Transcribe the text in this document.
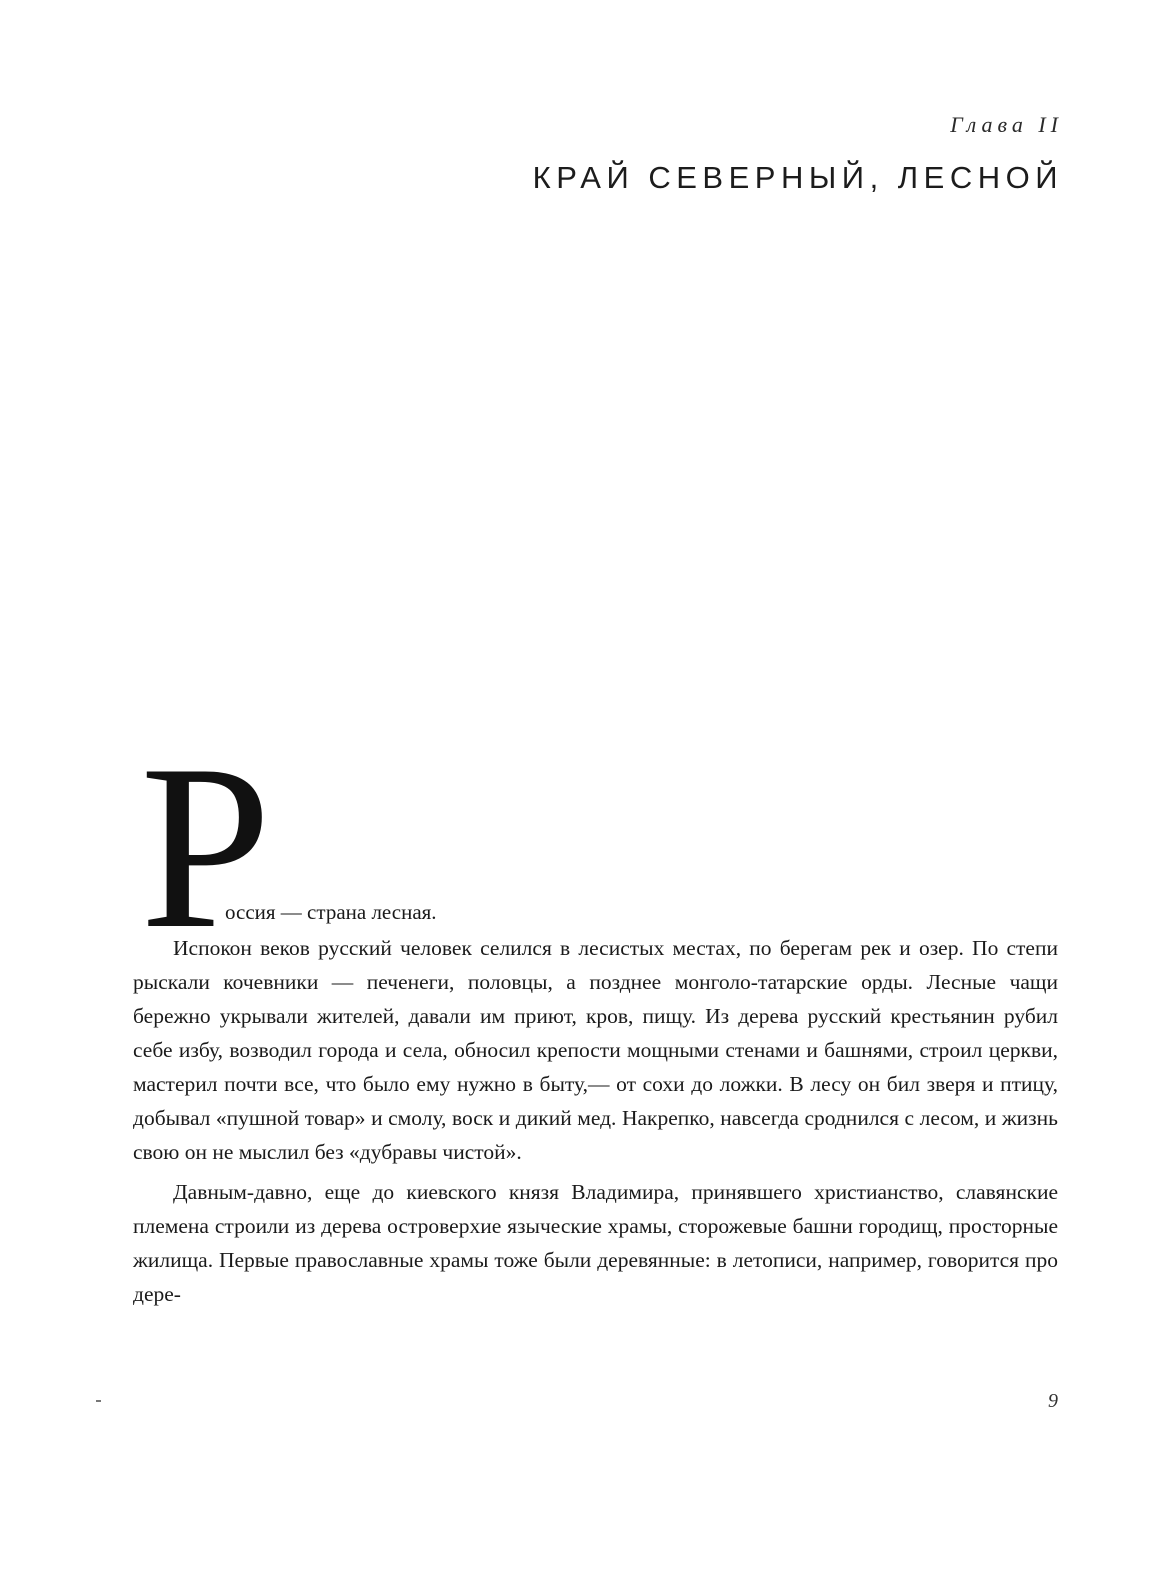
Глава II
КРАЙ СЕВЕРНЫЙ, ЛЕСНОЙ
Р
оссия — страна лесная.

Испокон веков русский человек селился в лесистых местах, по берегам рек и озер. По степи рыскали кочевники — печенеги, половцы, а позднее монголо-татарские орды. Лесные чащи бережно укрывали жителей, давали им приют, кров, пищу. Из дерева русский крестьянин рубил себе избу, возводил города и села, обносил крепости мощными стенами и башнями, строил церкви, мастерил почти все, что было ему нужно в быту,— от сохи до ложки. В лесу он бил зверя и птицу, добывал «пушной товар» и смолу, воск и дикий мед. Накрепко, навсегда сроднился с лесом, и жизнь свою он не мыслил без «дубравы чистой».

Давным-давно, еще до киевского князя Владимира, принявшего христианство, славянские племена строили из дерева островерхие языческие храмы, сторожевые башни городищ, просторные жилища. Первые православные храмы тоже были деревянные: в летописи, например, говорится про дере-

9
